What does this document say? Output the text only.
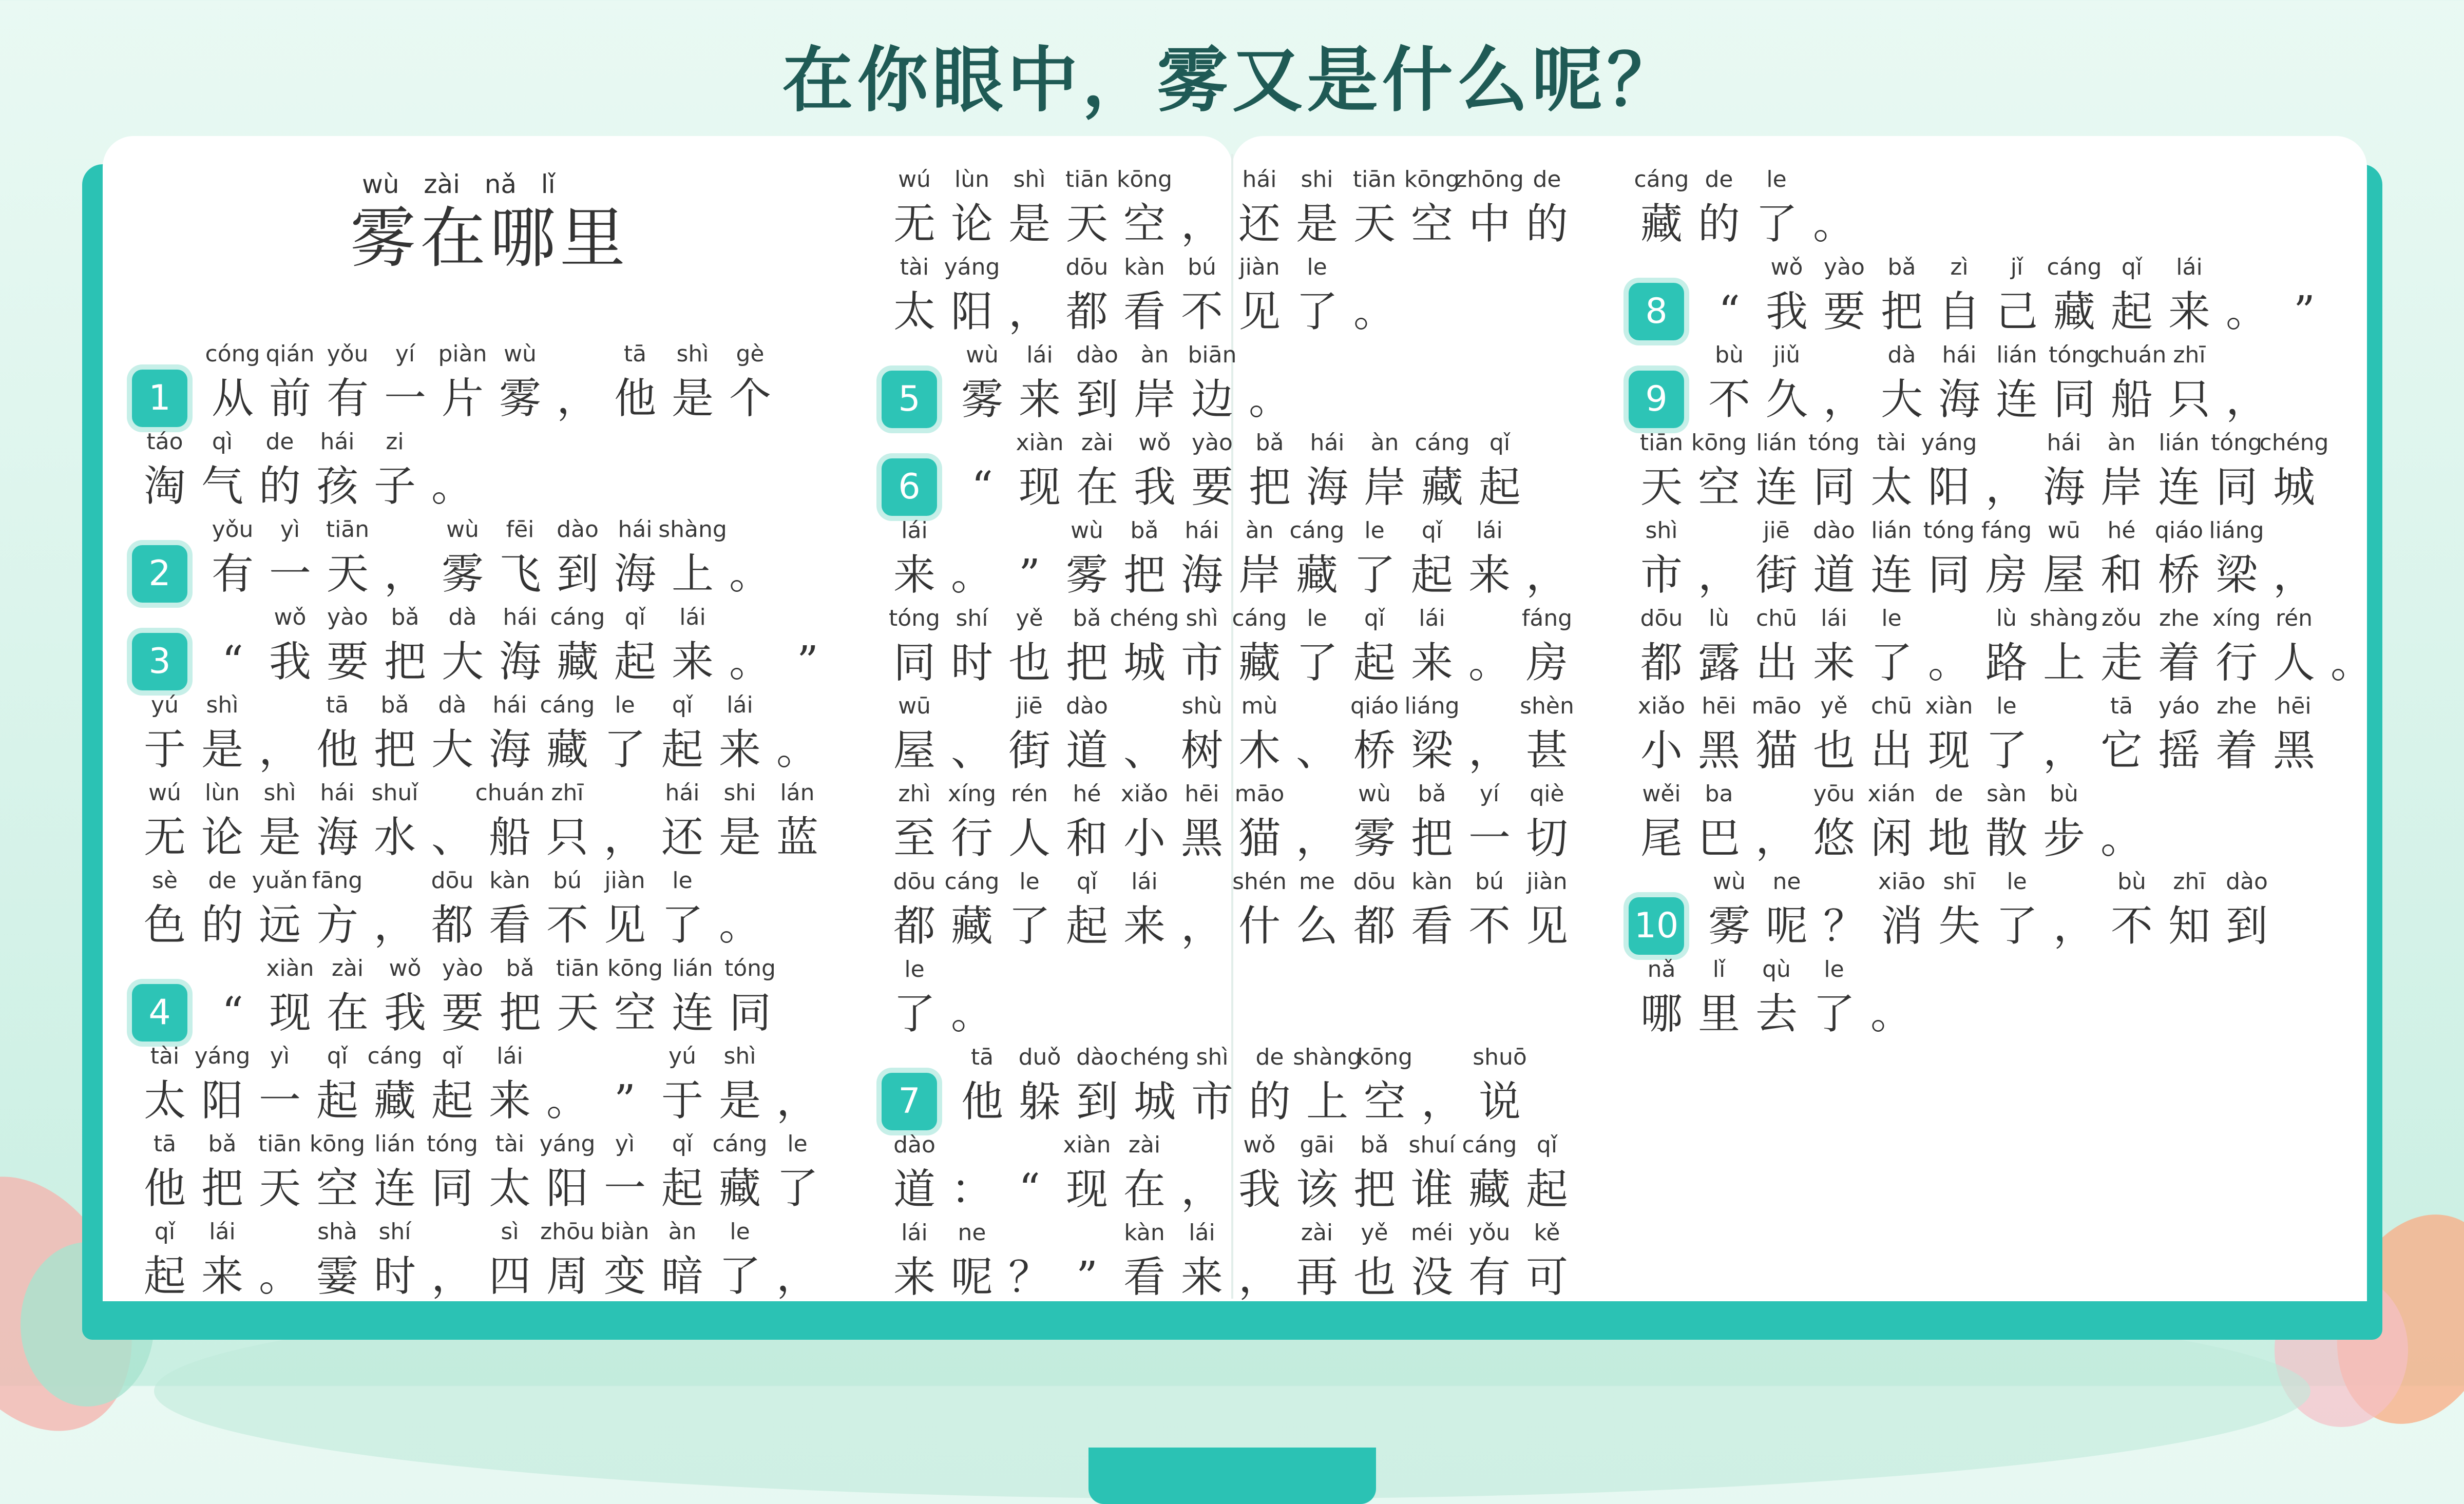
在你眼中，雾又是什么呢？
wù   zài   nǎ   lǐ
雾在哪里
1
cóng
从
qián
前
yǒu
有
yí
一
piàn
片
wù
雾 ，
tā
他
shì
是
gè
个
táo
淘
qì
气
de
的
hái
孩
zi
子 。
2
yǒu
有
yì
一
tiān
天 ，
wù
雾
fēi
飞
dào
到
hái
海
shàng
上 。
3	“
wǒ
我
yào
要
bǎ
把
dà
大
hái
海
cáng
藏
qǐ
起
lái
来 。 ”
yú
于
shì
是 ，
tā
他
bǎ
把
dà
大
hái
海
cáng
藏
le
了
qǐ
起
lái
来 。
wú
无
lùn
论
shì
是
hái
海
shuǐ
水 、
chuán
船
zhī
只 ，
hái
还
shi
是
lán
蓝
sè
色
de
的
yuǎn
远
fāng
方 ，
dōu
都
kàn
看
bú
不
jiàn
见
le
了 。
4	“
xiàn
现
zài
在
wǒ
我
yào
要
bǎ
把
tiān
天
kōng
空
lián
连
tóng
同
tài
太
yáng
阳
yì
一
qǐ
起
cáng
藏
qǐ
起
lái
来 。 ”
yú
于
shì
是 ，
tā
他
bǎ
把
tiān
天
kōng
空
lián
连
tóng
同
tài
太
yáng
阳
yì
一
qǐ
起
cáng
藏
le
了
qǐ
起
lái
来 。
shà
霎
shí
时 ，
sì
四
zhōu
周
biàn
变
àn
暗
le
了 ，
wú
无
lùn
论
shì
是
tiān
天
kōng
空 ，
hái
还
shi
是
tiān
天
kōng
空
zhōng
中
de
的
tài
太
yáng
阳 ，
dōu
都
kàn
看
bú
不
jiàn
见
le
了 。
5
wù
雾
lái
来
dào
到
àn
岸
biān
边 。
6	“
xiàn
现
zài
在
wǒ
我
yào
要
bǎ
把
hái
海
àn
岸
cáng
藏
qǐ
起
lái
来 。 ”
wù
雾
bǎ
把
hái
海
àn
岸
cáng
藏
le
了
qǐ
起
lái
来 ，
tóng
同
shí
时
yě
也
bǎ
把
chéng
城
shì
市
cáng
藏
le
了
qǐ
起
lái
来 。
fáng
房
wū
屋 、
jiē
街
dào
道 、
shù
树
mù
木 、
qiáo
桥
liáng
梁 ，
shèn
甚
zhì
至
xíng
行
rén
人
hé
和
xiǎo
小
hēi
黑
māo
猫 ，
wù
雾
bǎ
把
yí
一
qiè
切
dōu
都
cáng
藏
le
了
qǐ
起
lái
来 ，
shén
什
me
么
dōu
都
kàn
看
bú
不
jiàn
见
le
了 。
7
tā
他
duǒ
躲
dào
到
chéng
城
shì
市
de
的
shàng
上
kōng
空 ，
shuō
说
dào
道 ： “
xiàn
现
zài
在 ，
wǒ
我
gāi
该
bǎ
把
shuí
谁
cáng
藏
qǐ
起
lái
来
ne
呢 ？ ”
kàn
看
lái
来 ，
zài
再
yě
也
méi
没
yǒu
有
kě
可
cáng
藏
de
的
le
了 。
8	“
wǒ
我
yào
要
bǎ
把
zì
自
jǐ
己
cáng
藏
qǐ
起
lái
来 。 ”
9
bù
不
jiǔ
久 ，
dà
大
hái
海
lián
连
tóng
同
chuán
船
zhī
只 ，
tiān
天
kōng
空
lián
连
tóng
同
tài
太
yáng
阳 ，
hái
海
àn
岸
lián
连
tóng
同
chéng
城
shì
市 ，
jiē
街
dào
道
lián
连
tóng
同
fáng
房
wū
屋
hé
和
qiáo
桥
liáng
梁 ，
dōu
都
lù
露
chū
出
lái
来
le
了 。
lù
路
shàng
上
zǒu
走
zhe
着
xíng
行
rén
人 。
xiǎo
小
hēi
黑
māo
猫
yě
也
chū
出
xiàn
现
le
了 ，
tā
它
yáo
摇
zhe
着
hēi
黑
wěi
尾
ba
巴 ，
yōu
悠
xián
闲
de
地
sàn
散
bù
步 。
10
wù
雾
ne
呢 ？
xiāo
消
shī
失
le
了 ，
bù
不
zhī
知
dào
到
nǎ
哪
lǐ
里
qù
去
le
了 。
